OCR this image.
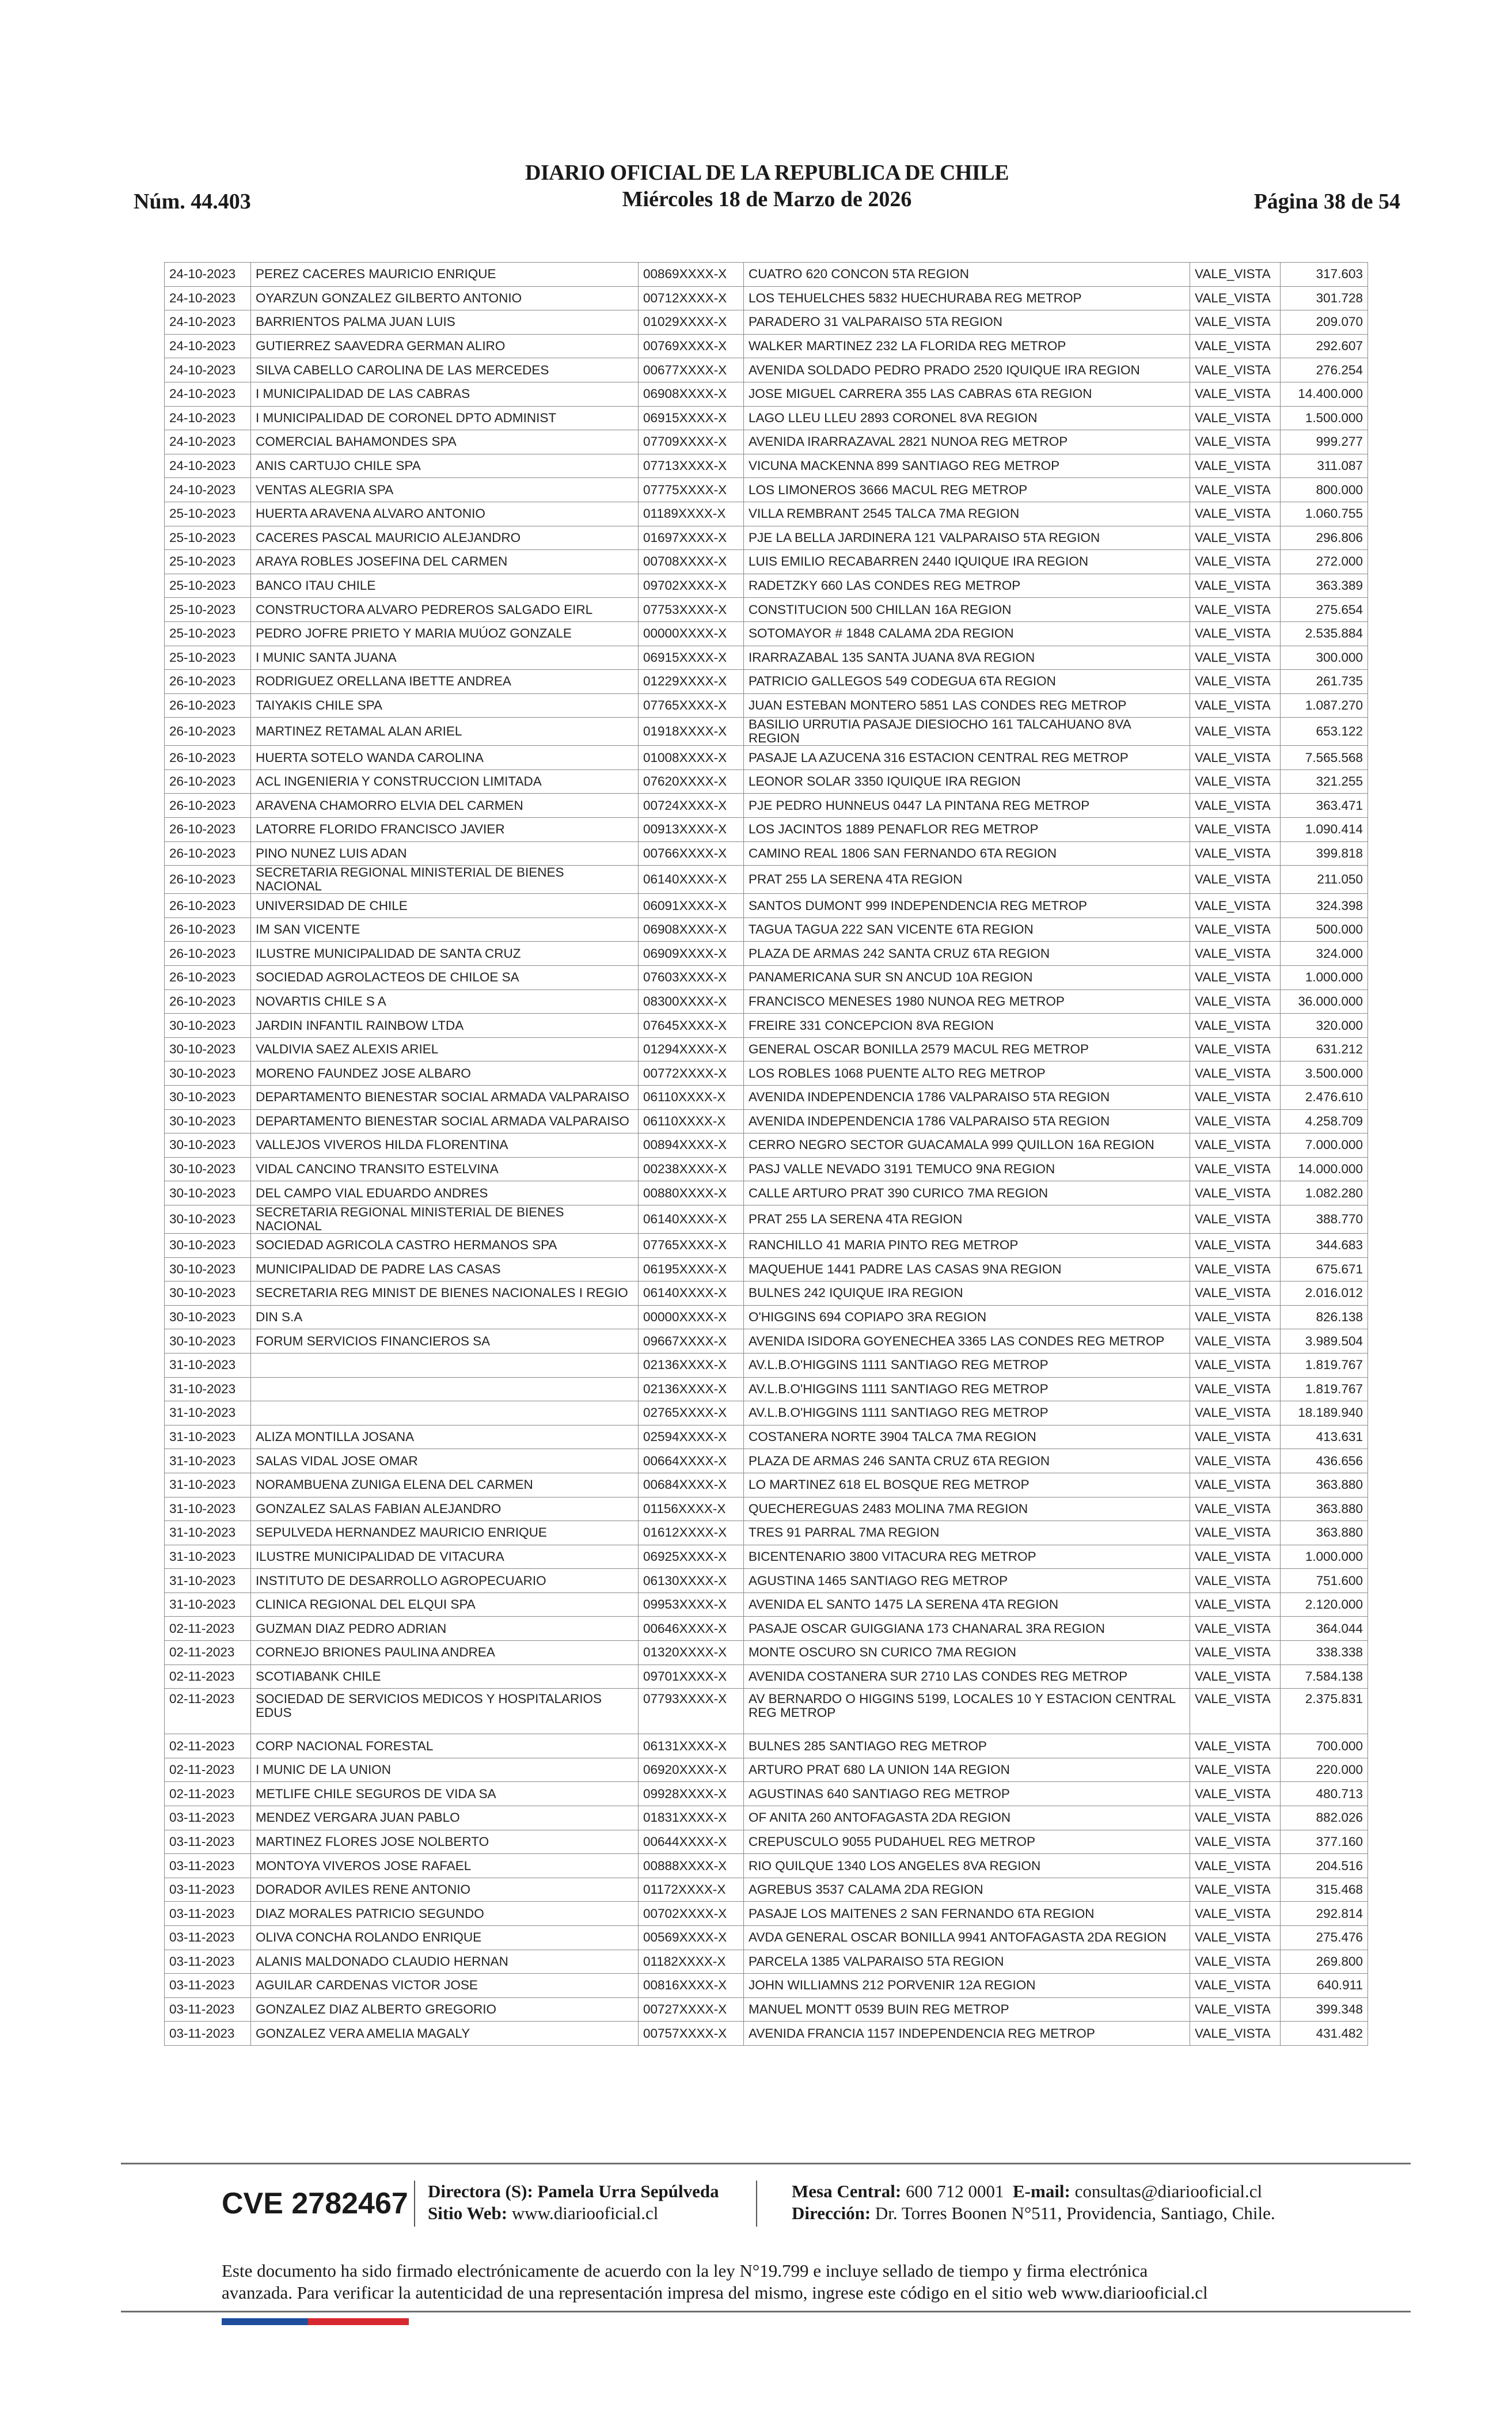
Núm. 44.403
DIARIO OFICIAL DE LA REPUBLICA DE CHILE
Miércoles 18 de Marzo de 2026	Página 38 de 54
24-10-2023	PEREZ CACERES MAURICIO ENRIQUE	00869XXXX-X	CUATRO 620 CONCON 5TA REGION	VALE_VISTA	317.603
24-10-2023	OYARZUN GONZALEZ GILBERTO ANTONIO	00712XXXX-X	LOS TEHUELCHES 5832 HUECHURABA REG METROP	VALE_VISTA	301.728
24-10-2023	BARRIENTOS PALMA JUAN LUIS	01029XXXX-X	PARADERO 31 VALPARAISO 5TA REGION	VALE_VISTA	209.070
24-10-2023	GUTIERREZ SAAVEDRA GERMAN ALIRO	00769XXXX-X	WALKER MARTINEZ 232 LA FLORIDA REG METROP	VALE_VISTA	292.607
24-10-2023	SILVA CABELLO CAROLINA DE LAS MERCEDES	00677XXXX-X	AVENIDA SOLDADO PEDRO PRADO 2520 IQUIQUE IRA REGION	VALE_VISTA	276.254
24-10-2023	I MUNICIPALIDAD DE LAS CABRAS	06908XXXX-X	JOSE MIGUEL CARRERA 355 LAS CABRAS 6TA REGION	VALE_VISTA	14.400.000
24-10-2023	I MUNICIPALIDAD DE CORONEL DPTO ADMINIST	06915XXXX-X	LAGO LLEU LLEU 2893 CORONEL 8VA REGION	VALE_VISTA	1.500.000
24-10-2023	COMERCIAL BAHAMONDES SPA	07709XXXX-X	AVENIDA IRARRAZAVAL 2821 NUNOA REG METROP	VALE_VISTA	999.277
24-10-2023	ANIS CARTUJO CHILE SPA	07713XXXX-X	VICUNA MACKENNA 899 SANTIAGO REG METROP	VALE_VISTA	311.087
24-10-2023	VENTAS ALEGRIA SPA	07775XXXX-X	LOS LIMONEROS 3666 MACUL REG METROP	VALE_VISTA	800.000
25-10-2023	HUERTA ARAVENA ALVARO ANTONIO	01189XXXX-X	VILLA REMBRANT 2545 TALCA 7MA REGION	VALE_VISTA	1.060.755
25-10-2023	CACERES PASCAL MAURICIO ALEJANDRO	01697XXXX-X	PJE LA BELLA JARDINERA 121 VALPARAISO 5TA REGION	VALE_VISTA	296.806
25-10-2023	ARAYA ROBLES JOSEFINA DEL CARMEN	00708XXXX-X	LUIS EMILIO RECABARREN 2440 IQUIQUE IRA REGION	VALE_VISTA	272.000
25-10-2023	BANCO ITAU CHILE	09702XXXX-X	RADETZKY 660 LAS CONDES REG METROP	VALE_VISTA	363.389
25-10-2023	CONSTRUCTORA ALVARO PEDREROS SALGADO EIRL	07753XXXX-X	CONSTITUCION 500 CHILLAN 16A REGION	VALE_VISTA	275.654
25-10-2023	PEDRO JOFRE PRIETO Y MARIA MUÚOZ GONZALE	00000XXXX-X	SOTOMAYOR # 1848 CALAMA 2DA REGION	VALE_VISTA	2.535.884
25-10-2023	I MUNIC SANTA JUANA	06915XXXX-X	IRARRAZABAL 135 SANTA JUANA 8VA REGION	VALE_VISTA	300.000
26-10-2023	RODRIGUEZ ORELLANA IBETTE ANDREA	01229XXXX-X	PATRICIO GALLEGOS 549 CODEGUA 6TA REGION	VALE_VISTA	261.735
26-10-2023	TAIYAKIS CHILE SPA	07765XXXX-X	JUAN ESTEBAN MONTERO 5851 LAS CONDES REG METROP	VALE_VISTA	1.087.270
26-10-2023	MARTINEZ RETAMAL ALAN ARIEL	01918XXXX-X	BASILIO URRUTIA PASAJE DIESIOCHO 161 TALCAHUANO 8VA REGION	VALE_VISTA	653.122
26-10-2023	HUERTA SOTELO WANDA CAROLINA	01008XXXX-X	PASAJE LA AZUCENA 316 ESTACION CENTRAL REG METROP	VALE_VISTA	7.565.568
26-10-2023	ACL INGENIERIA Y CONSTRUCCION LIMITADA	07620XXXX-X	LEONOR SOLAR 3350 IQUIQUE IRA REGION	VALE_VISTA	321.255
26-10-2023	ARAVENA CHAMORRO ELVIA DEL CARMEN	00724XXXX-X	PJE PEDRO HUNNEUS 0447 LA PINTANA REG METROP	VALE_VISTA	363.471
26-10-2023	LATORRE FLORIDO FRANCISCO JAVIER	00913XXXX-X	LOS JACINTOS 1889 PENAFLOR REG METROP	VALE_VISTA	1.090.414
26-10-2023	PINO NUNEZ LUIS ADAN	00766XXXX-X	CAMINO REAL 1806 SAN FERNANDO 6TA REGION	VALE_VISTA	399.818
26-10-2023	SECRETARIA REGIONAL MINISTERIAL DE BIENES NACIONAL	06140XXXX-X	PRAT 255 LA SERENA 4TA REGION	VALE_VISTA	211.050
26-10-2023	UNIVERSIDAD DE CHILE	06091XXXX-X	SANTOS DUMONT 999 INDEPENDENCIA REG METROP	VALE_VISTA	324.398
26-10-2023	IM SAN VICENTE	06908XXXX-X	TAGUA TAGUA 222 SAN VICENTE 6TA REGION	VALE_VISTA	500.000
26-10-2023	ILUSTRE MUNICIPALIDAD DE SANTA CRUZ	06909XXXX-X	PLAZA DE ARMAS 242 SANTA CRUZ 6TA REGION	VALE_VISTA	324.000
26-10-2023	SOCIEDAD AGROLACTEOS DE CHILOE SA	07603XXXX-X	PANAMERICANA SUR SN ANCUD 10A REGION	VALE_VISTA	1.000.000
26-10-2023	NOVARTIS CHILE S A	08300XXXX-X	FRANCISCO MENESES 1980 NUNOA REG METROP	VALE_VISTA	36.000.000
30-10-2023	JARDIN INFANTIL RAINBOW LTDA	07645XXXX-X	FREIRE 331 CONCEPCION 8VA REGION	VALE_VISTA	320.000
30-10-2023	VALDIVIA SAEZ ALEXIS ARIEL	01294XXXX-X	GENERAL OSCAR BONILLA 2579 MACUL REG METROP	VALE_VISTA	631.212
30-10-2023	MORENO FAUNDEZ JOSE ALBARO	00772XXXX-X	LOS ROBLES 1068 PUENTE ALTO REG METROP	VALE_VISTA	3.500.000
30-10-2023	DEPARTAMENTO BIENESTAR SOCIAL ARMADA VALPARAISO	06110XXXX-X	AVENIDA INDEPENDENCIA 1786 VALPARAISO 5TA REGION	VALE_VISTA	2.476.610
30-10-2023	DEPARTAMENTO BIENESTAR SOCIAL ARMADA VALPARAISO	06110XXXX-X	AVENIDA INDEPENDENCIA 1786 VALPARAISO 5TA REGION	VALE_VISTA	4.258.709
30-10-2023	VALLEJOS VIVEROS HILDA FLORENTINA	00894XXXX-X	CERRO NEGRO SECTOR GUACAMALA 999 QUILLON 16A REGION	VALE_VISTA	7.000.000
30-10-2023	VIDAL CANCINO TRANSITO ESTELVINA	00238XXXX-X	PASJ VALLE NEVADO 3191 TEMUCO 9NA REGION	VALE_VISTA	14.000.000
30-10-2023	DEL CAMPO VIAL EDUARDO ANDRES	00880XXXX-X	CALLE ARTURO PRAT 390 CURICO 7MA REGION	VALE_VISTA	1.082.280
30-10-2023	SECRETARIA REGIONAL MINISTERIAL DE BIENES NACIONAL	06140XXXX-X	PRAT 255 LA SERENA 4TA REGION	VALE_VISTA	388.770
30-10-2023	SOCIEDAD AGRICOLA CASTRO HERMANOS SPA	07765XXXX-X	RANCHILLO 41 MARIA PINTO REG METROP	VALE_VISTA	344.683
30-10-2023	MUNICIPALIDAD DE PADRE LAS CASAS	06195XXXX-X	MAQUEHUE 1441 PADRE LAS CASAS 9NA REGION	VALE_VISTA	675.671
30-10-2023	SECRETARIA REG MINIST DE BIENES NACIONALES I REGIO	06140XXXX-X	BULNES 242 IQUIQUE IRA REGION	VALE_VISTA	2.016.012
30-10-2023	DIN S.A	00000XXXX-X	O'HIGGINS 694 COPIAPO 3RA REGION	VALE_VISTA	826.138
30-10-2023	FORUM SERVICIOS FINANCIEROS SA	09667XXXX-X	AVENIDA ISIDORA GOYENECHEA 3365 LAS CONDES REG METROP	VALE_VISTA	3.989.504
31-10-2023		02136XXXX-X	AV.L.B.O'HIGGINS 1111 SANTIAGO REG METROP	VALE_VISTA	1.819.767
31-10-2023		02136XXXX-X	AV.L.B.O'HIGGINS 1111 SANTIAGO REG METROP	VALE_VISTA	1.819.767
31-10-2023		02765XXXX-X	AV.L.B.O'HIGGINS 1111 SANTIAGO REG METROP	VALE_VISTA	18.189.940
31-10-2023	ALIZA MONTILLA JOSANA	02594XXXX-X	COSTANERA NORTE 3904 TALCA 7MA REGION	VALE_VISTA	413.631
31-10-2023	SALAS VIDAL JOSE OMAR	00664XXXX-X	PLAZA DE ARMAS 246 SANTA CRUZ 6TA REGION	VALE_VISTA	436.656
31-10-2023	NORAMBUENA ZUNIGA ELENA DEL CARMEN	00684XXXX-X	LO MARTINEZ 618 EL BOSQUE REG METROP	VALE_VISTA	363.880
31-10-2023	GONZALEZ SALAS FABIAN ALEJANDRO	01156XXXX-X	QUECHEREGUAS 2483 MOLINA 7MA REGION	VALE_VISTA	363.880
31-10-2023	SEPULVEDA HERNANDEZ MAURICIO ENRIQUE	01612XXXX-X	TRES 91 PARRAL 7MA REGION	VALE_VISTA	363.880
31-10-2023	ILUSTRE MUNICIPALIDAD DE VITACURA	06925XXXX-X	BICENTENARIO 3800 VITACURA REG METROP	VALE_VISTA	1.000.000
31-10-2023	INSTITUTO DE DESARROLLO AGROPECUARIO	06130XXXX-X	AGUSTINA 1465 SANTIAGO REG METROP	VALE_VISTA	751.600
31-10-2023	CLINICA REGIONAL DEL ELQUI SPA	09953XXXX-X	AVENIDA EL SANTO 1475 LA SERENA 4TA REGION	VALE_VISTA	2.120.000
02-11-2023	GUZMAN DIAZ PEDRO ADRIAN	00646XXXX-X	PASAJE OSCAR GUIGGIANA 173 CHANARAL 3RA REGION	VALE_VISTA	364.044
02-11-2023	CORNEJO BRIONES PAULINA ANDREA	01320XXXX-X	MONTE OSCURO SN CURICO 7MA REGION	VALE_VISTA	338.338
02-11-2023	SCOTIABANK CHILE	09701XXXX-X	AVENIDA COSTANERA SUR 2710 LAS CONDES REG METROP	VALE_VISTA	7.584.138
02-11-2023	SOCIEDAD DE SERVICIOS MEDICOS Y HOSPITALARIOS EDUS	07793XXXX-X	AV BERNARDO O HIGGINS 5199, LOCALES 10 Y ESTACION CENTRAL REG METROP	VALE_VISTA	2.375.831
02-11-2023	CORP NACIONAL FORESTAL	06131XXXX-X	BULNES 285 SANTIAGO REG METROP	VALE_VISTA	700.000
02-11-2023	I MUNIC DE LA UNION	06920XXXX-X	ARTURO PRAT 680 LA UNION 14A REGION	VALE_VISTA	220.000
02-11-2023	METLIFE CHILE SEGUROS DE VIDA SA	09928XXXX-X	AGUSTINAS 640 SANTIAGO REG METROP	VALE_VISTA	480.713
03-11-2023	MENDEZ VERGARA JUAN PABLO	01831XXXX-X	OF ANITA 260 ANTOFAGASTA 2DA REGION	VALE_VISTA	882.026
03-11-2023	MARTINEZ FLORES JOSE NOLBERTO	00644XXXX-X	CREPUSCULO 9055 PUDAHUEL REG METROP	VALE_VISTA	377.160
03-11-2023	MONTOYA VIVEROS JOSE RAFAEL	00888XXXX-X	RIO QUILQUE 1340 LOS ANGELES 8VA REGION	VALE_VISTA	204.516
03-11-2023	DORADOR AVILES RENE ANTONIO	01172XXXX-X	AGREBUS 3537 CALAMA 2DA REGION	VALE_VISTA	315.468
03-11-2023	DIAZ MORALES PATRICIO SEGUNDO	00702XXXX-X	PASAJE LOS MAITENES 2 SAN FERNANDO 6TA REGION	VALE_VISTA	292.814
03-11-2023	OLIVA CONCHA ROLANDO ENRIQUE	00569XXXX-X	AVDA GENERAL OSCAR BONILLA 9941 ANTOFAGASTA 2DA REGION	VALE_VISTA	275.476
03-11-2023	ALANIS MALDONADO CLAUDIO HERNAN	01182XXXX-X	PARCELA 1385 VALPARAISO 5TA REGION	VALE_VISTA	269.800
03-11-2023	AGUILAR CARDENAS VICTOR JOSE	00816XXXX-X	JOHN WILLIAMNS 212 PORVENIR 12A REGION	VALE_VISTA	640.911
03-11-2023	GONZALEZ DIAZ ALBERTO GREGORIO	00727XXXX-X	MANUEL MONTT 0539 BUIN REG METROP	VALE_VISTA	399.348
03-11-2023	GONZALEZ VERA AMELIA MAGALY	00757XXXX-X	AVENIDA FRANCIA 1157 INDEPENDENCIA REG METROP	VALE_VISTA	431.482
CVE 2782467 Directora (S): Pamela Urra Sepúlveda
Sitio Web: www.diariooficial.cl
Mesa Central: 600 712 0001 E-mail: consultas@diariooficial.cl
Dirección: Dr. Torres Boonen N°511, Providencia, Santiago, Chile.
Este documento ha sido firmado electrónicamente de acuerdo con la ley N°19.799 e incluye sellado de tiempo y firma electrónica
avanzada. Para verificar la autenticidad de una representación impresa del mismo, ingrese este código en el sitio web www.diariooficial.cl
